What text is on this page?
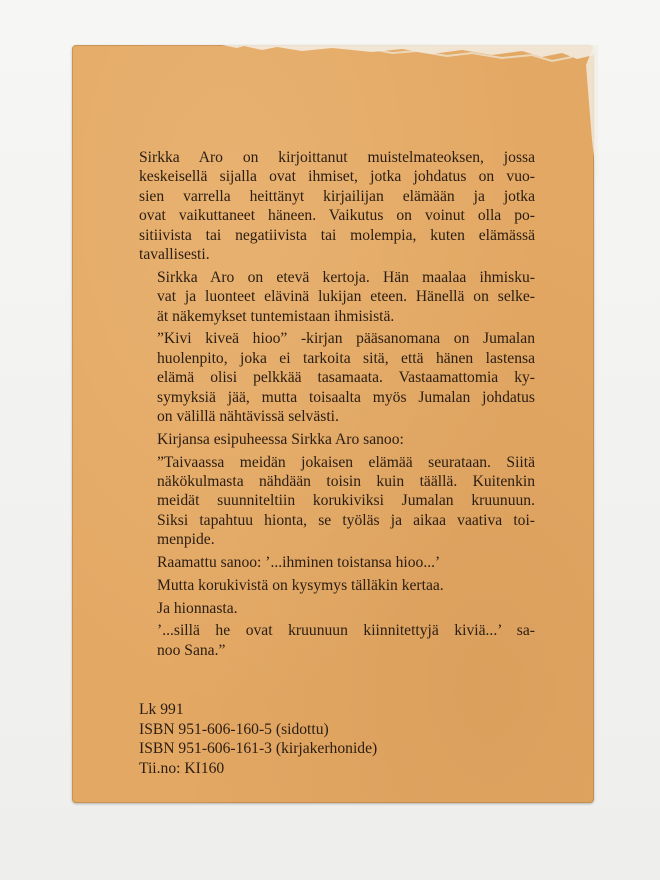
Sirkka Aro on kirjoittanut muistelmateoksen, jossa
keskeisellä sijalla ovat ihmiset, jotka johdatus on vuo-
sien varrella heittänyt kirjailijan elämään ja jotka
ovat vaikuttaneet häneen. Vaikutus on voinut olla po-
sitiivista tai negatiivista tai molempia, kuten elämässä
tavallisesti.
Sirkka Aro on etevä kertoja. Hän maalaa ihmisku-
vat ja luonteet elävinä lukijan eteen. Hänellä on selke-
ät näkemykset tuntemistaan ihmisistä.
”Kivi kiveä hioo” -kirjan pääsanomana on Jumalan
huolenpito, joka ei tarkoita sitä, että hänen lastensa
elämä olisi pelkkää tasamaata. Vastaamattomia ky-
symyksiä jää, mutta toisaalta myös Jumalan johdatus
on välillä nähtävissä selvästi.
Kirjansa esipuheessa Sirkka Aro sanoo:
”Taivaassa meidän jokaisen elämää seurataan. Siitä
näkökulmasta nähdään toisin kuin täällä. Kuitenkin
meidät suunniteltiin korukiviksi Jumalan kruunuun.
Siksi tapahtuu hionta, se työläs ja aikaa vaativa toi-
menpide.
Raamattu sanoo: ’...ihminen toistansa hioo...’
Mutta korukivistä on kysymys tälläkin kertaa.
Ja hionnasta.
’...sillä he ovat kruunuun kiinnitettyjä kiviä...’ sa-
noo Sana.”
Lk 991
ISBN 951-606-160-5 (sidottu)
ISBN 951-606-161-3 (kirjakerhonide)
Tii.no: KI160
